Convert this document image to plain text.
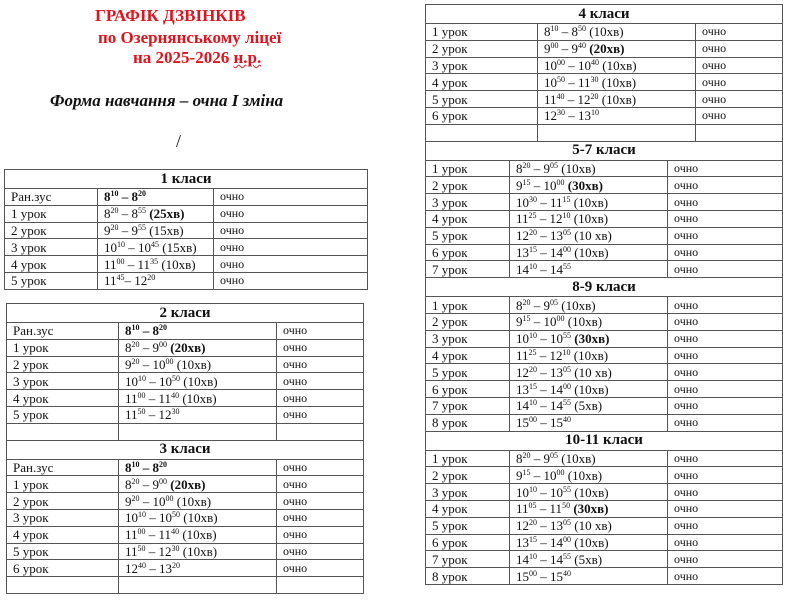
ГРАФІК ДЗВІНКІВ
по Озернянському ліцеї
на 2025-2026 н.р.
Форма навчання – очна І зміна
/
1 класи		
Ран.зус	$8^{10} - 8^{20}$	очно
1 урок	$8^{20} - 8^{55}$ (25хв)	очно
2 урок	$9^{20} - 9^{55}$ (15хв)	очно
3 урок	$10^{10} - 10^{45}$ (15хв)	очно
4 урок	$11^{00} - 11^{35}$ (10хв)	очно
5 урок	$11^{45}-$ $12^{20}$	очно
2 класи		
Ран.зус	$8^{10} - 8^{20}$	очно
1 урок	$8^{20} - 9^{00}$ (20хв)	очно
2 урок	$9^{20} - 10^{00}$ (10хв)	очно
3 урок	$10^{10} - 10^{50}$ (10хв)	очно
4 урок	$11^{00} - 11^{40}$ (10хв)	очно
5 урок	$11^{50} - 12^{30}$	очно

3 класи		
Ран.зус	$8^{10} - 8^{20}$	очно
1 урок	$8^{20} - 9^{00}$ (20хв)	очно
2 урок	$9^{20} - 10^{00}$ (10хв)	очно
3 урок	$10^{10} - 10^{50}$ (10хв)	очно
4 урок	$11^{00} - 11^{40}$ (10хв)	очно
5 урок	$11^{50} - 12^{30}$ (10хв)	очно
6 урок	$12^{40} - 13^{20}$	очно

4 класи		
1 урок	$8^{10} - 8^{50}$ (10хв)	очно
2 урок	$9^{00} - 9^{40}$ (20хв)	очно
3 урок	$10^{00} - 10^{40}$ (10хв)	очно
4 урок	$10^{50} - 11^{30}$ (10хв)	очно
5 урок	$11^{40} - 12^{20}$ (10хв)	очно
6 урок	$12^{30} - 13^{10}$	очно

5-7 класи		
1 урок	$8^{20} - 9^{05}$ (10хв)	очно
2 урок	$9^{15} - 10^{00}$ (30хв)	очно
3 урок	$10^{30} - 11^{15}$ (10хв)	очно
4 урок	$11^{25} - 12^{10}$ (10хв)	очно
5 урок	$12^{20} - 13^{05}$ (10 хв)	очно
6 урок	$13^{15} - 14^{00}$ (10хв)	очно
7 урок	$14^{10} - 14^{55}$	очно
8-9 класи		
1 урок	$8^{20} - 9^{05}$ (10хв)	очно
2 урок	$9^{15} - 10^{00}$ (10хв)	очно
3 урок	$10^{10} - 10^{55}$ (30хв)	очно
4 урок	$11^{25} - 12^{10}$ (10хв)	очно
5 урок	$12^{20} - 13^{05}$ (10 хв)	очно
6 урок	$13^{15} - 14^{00}$ (10хв)	очно
7 урок	$14^{10} - 14^{55}$ (5хв)	очно
8 урок	$15^{00} - 15^{40}$	очно
10-11 класи		
1 урок	$8^{20} - 9^{05}$ (10хв)	очно
2 урок	$9^{15} - 10^{00}$ (10хв)	очно
3 урок	$10^{10} - 10^{55}$ (10хв)	очно
4 урок	$11^{05} - 11^{50}$ (30хв)	очно
5 урок	$12^{20} - 13^{05}$ (10 хв)	очно
6 урок	$13^{15} - 14^{00}$ (10хв)	очно
7 урок	$14^{10} - 14^{55}$ (5хв)	очно
8 урок	$15^{00} - 15^{40}$	очно
